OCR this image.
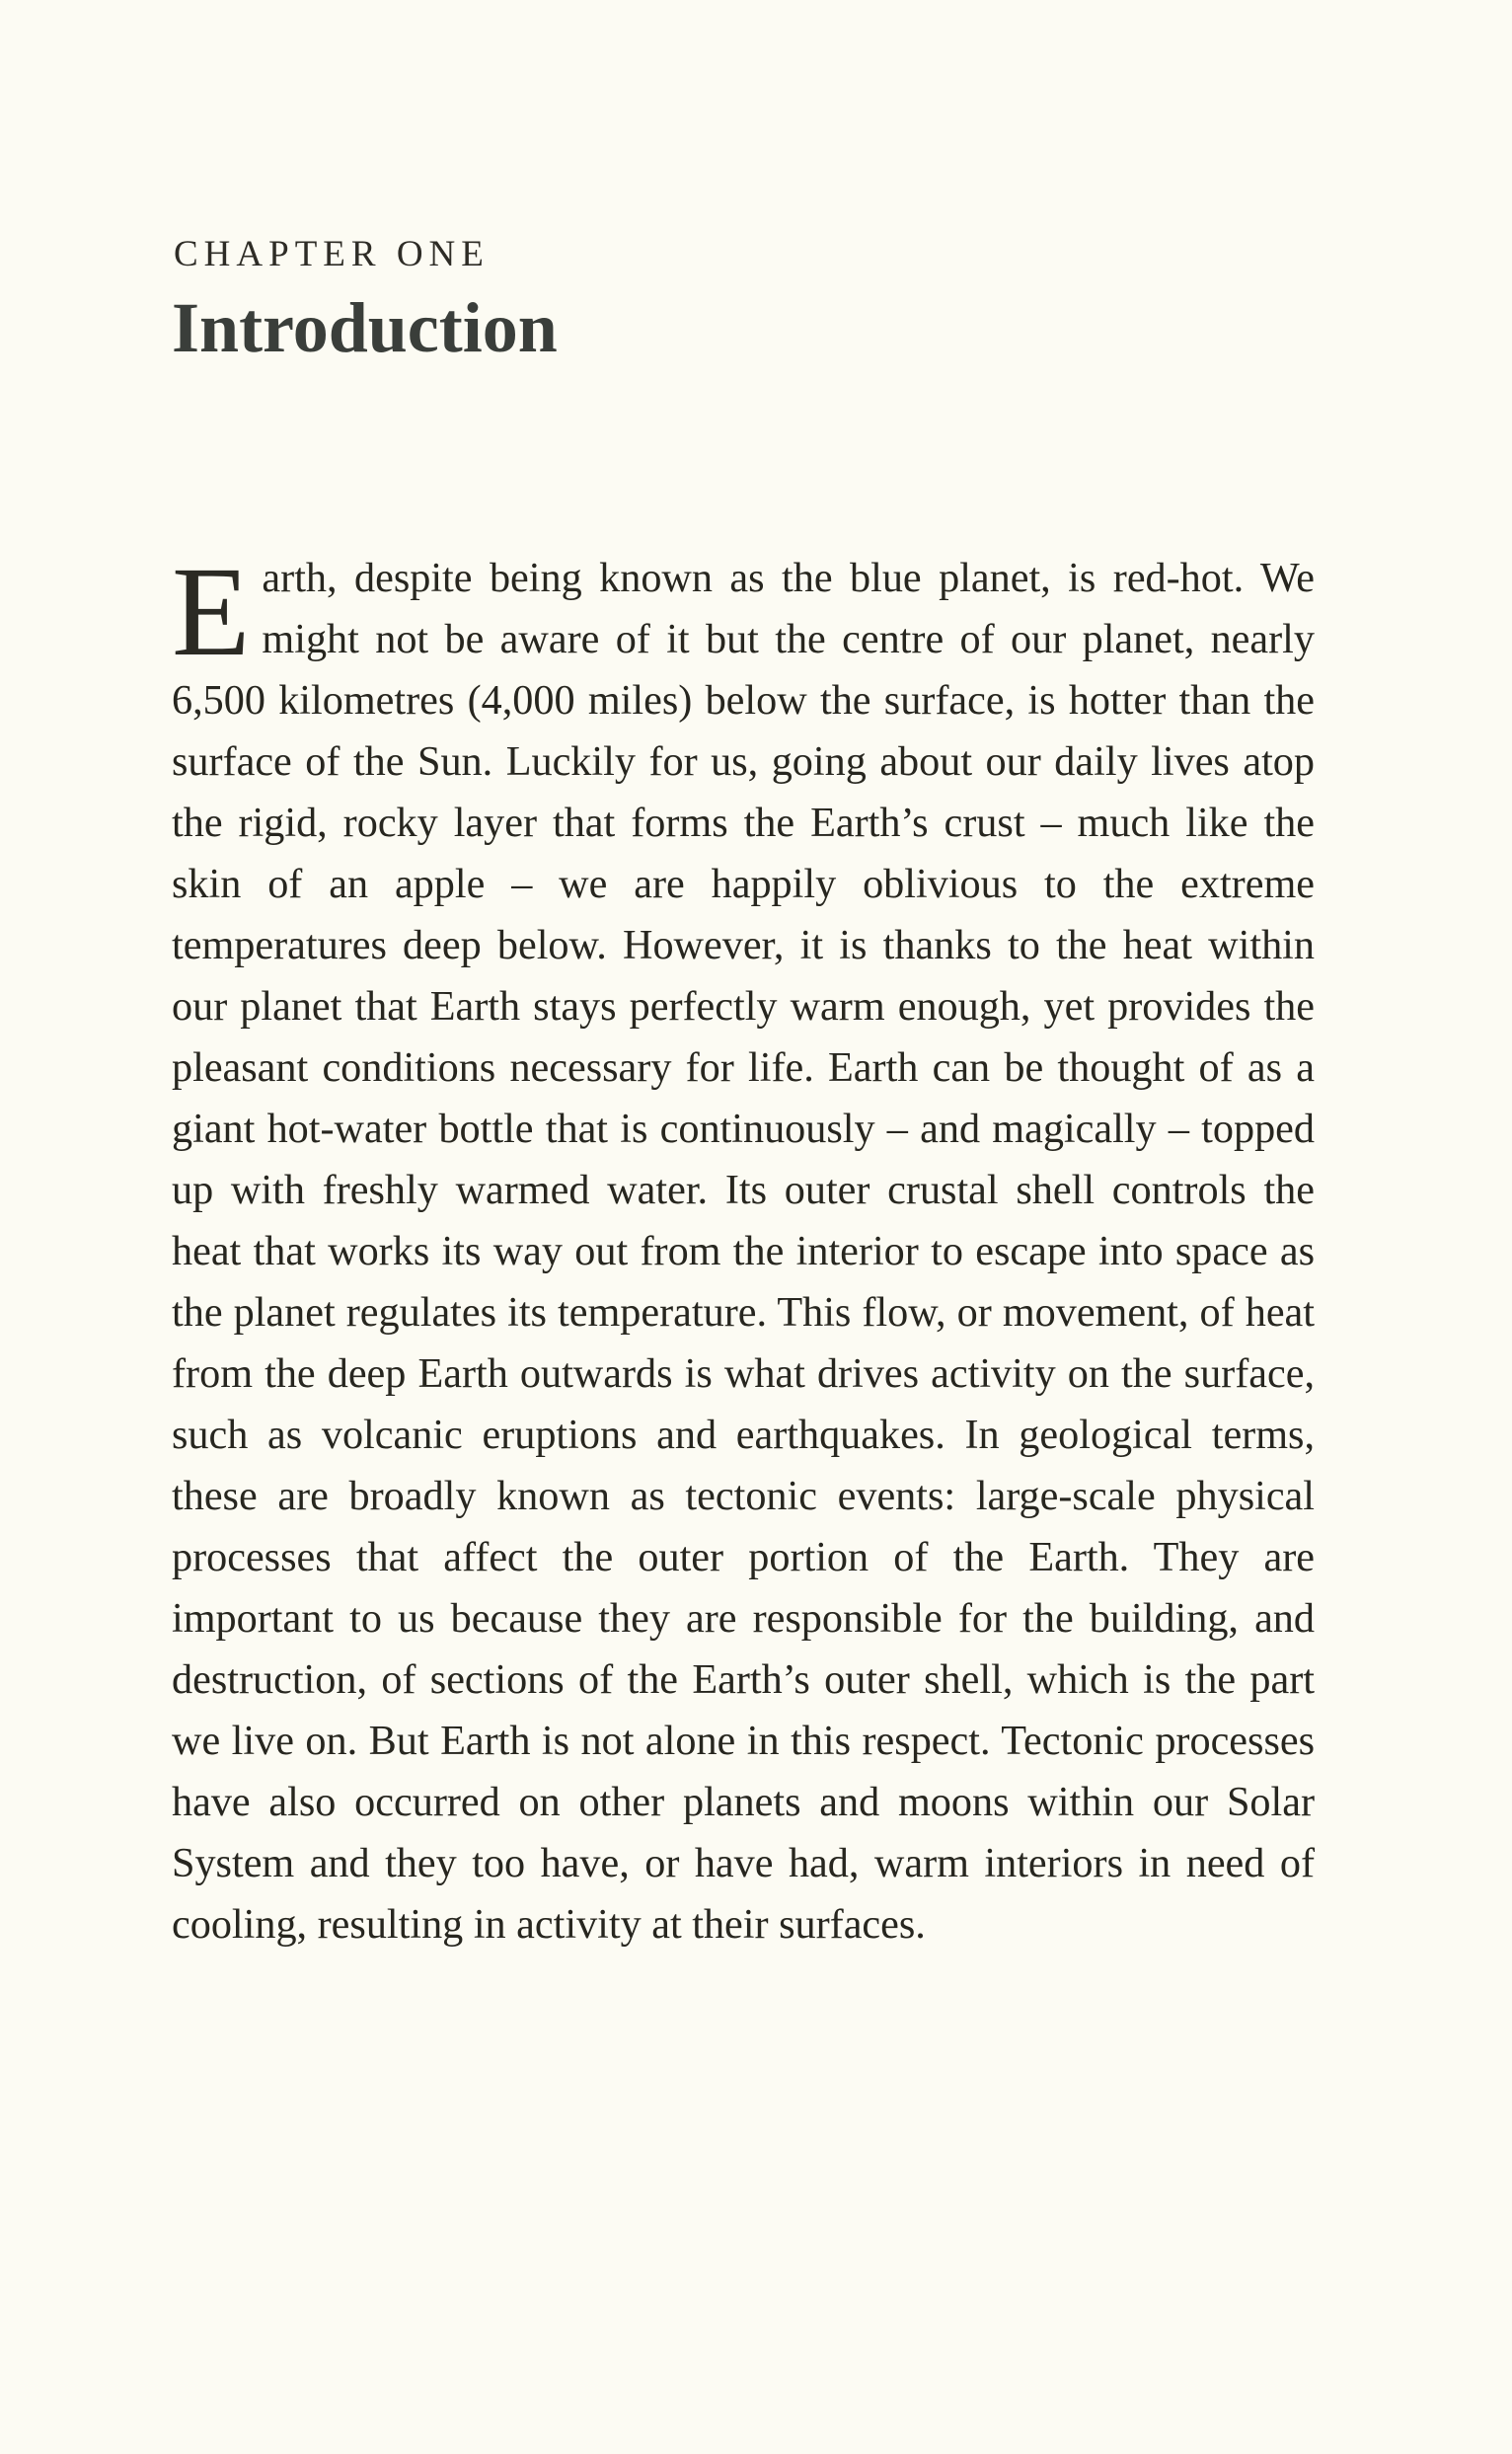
CHAPTER ONE
Introduction

Earth, despite being known as the blue planet, is red-hot. We might not be aware of it but the centre of our planet, nearly 6,500 kilometres (4,000 miles) below the surface, is hotter than the surface of the Sun. Luckily for us, going about our daily lives atop the rigid, rocky layer that forms the Earth’s crust – much like the skin of an apple – we are happily oblivious to the extreme temperatures deep below. However, it is thanks to the heat within our planet that Earth stays perfectly warm enough, yet provides the pleasant conditions necessary for life. Earth can be thought of as a giant hot-water bottle that is continuously – and magically – topped up with freshly warmed water. Its outer crustal shell controls the heat that works its way out from the interior to escape into space as the planet regulates its temperature. This flow, or movement, of heat from the deep Earth outwards is what drives activity on the surface, such as volcanic eruptions and earthquakes. In geological terms, these are broadly known as tectonic events: large-scale physical processes that affect the outer portion of the Earth. They are important to us because they are responsible for the building, and destruction, of sections of the Earth’s outer shell, which is the part we live on. But Earth is not alone in this respect. Tectonic processes have also occurred on other planets and moons within our Solar System and they too have, or have had, warm interiors in need of cooling, resulting in activity at their surfaces.
